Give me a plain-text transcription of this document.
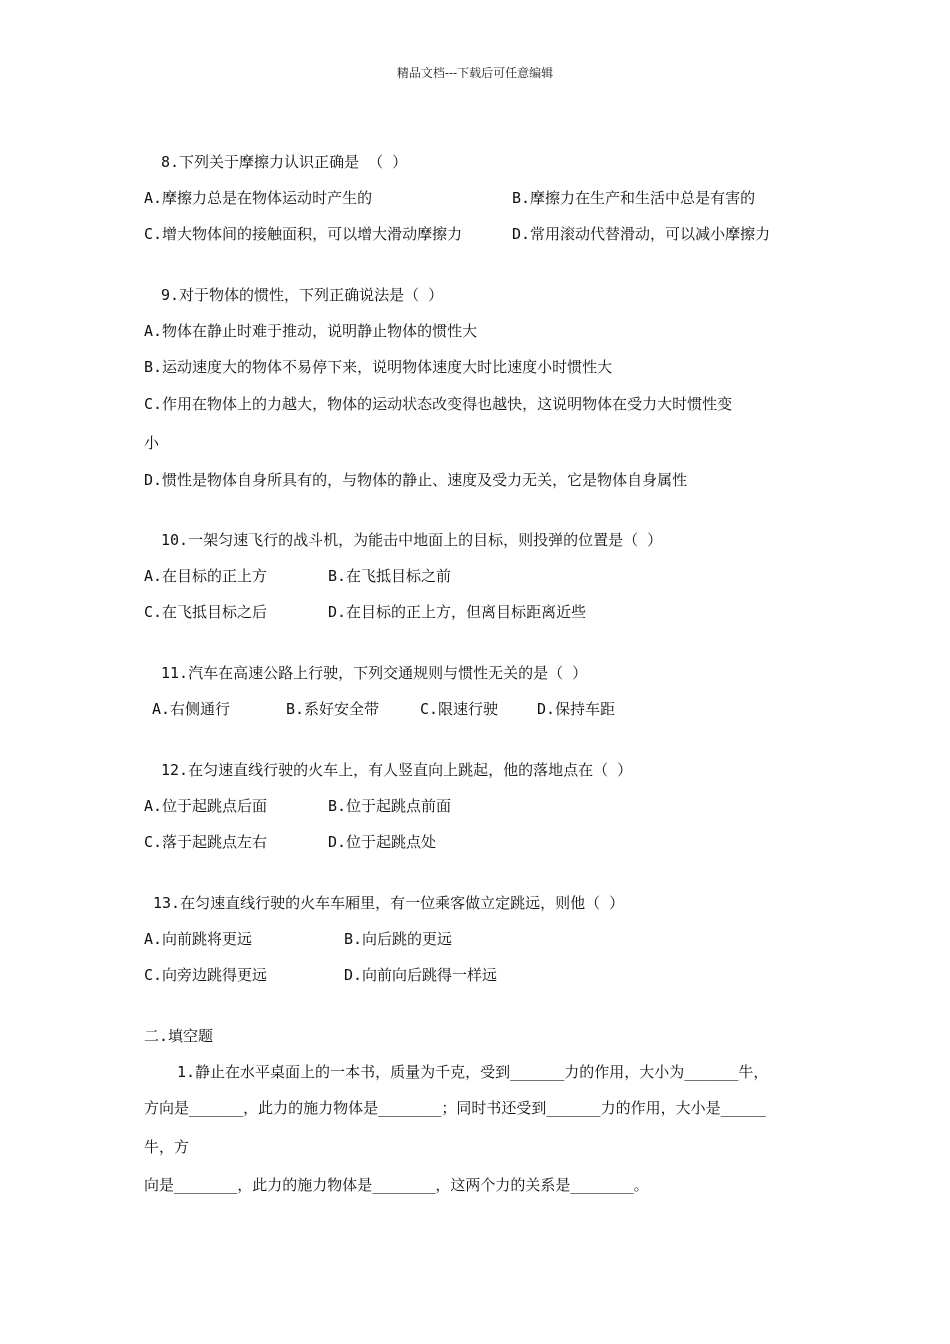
精品文档---下载后可任意编辑
8.下列关于摩擦力认识正确是 （ ）
A.摩擦力总是在物体运动时产生的	B.摩擦力在生产和生活中总是有害的
C.增大物体间的接触面积，可以增大滑动摩擦力	D.常用滚动代替滑动，可以减小摩擦力
9.对于物体的惯性，下列正确说法是（ ）
A.物体在静止时难于推动，说明静止物体的惯性大
B.运动速度大的物体不易停下来，说明物体速度大时比速度小时惯性大
C.作用在物体上的力越大，物体的运动状态改变得也越快，这说明物体在受力大时惯性变
小
D.惯性是物体自身所具有的，与物体的静止、速度及受力无关，它是物体自身属性
10.一架匀速飞行的战斗机，为能击中地面上的目标，则投弹的位置是（ ）
A.在目标的正上方	B.在飞抵目标之前
C.在飞抵目标之后	D.在目标的正上方，但离目标距离近些
11.汽车在高速公路上行驶，下列交通规则与惯性无关的是（ ）
A.右侧通行	B.系好安全带	C.限速行驶	D.保持车距
12.在匀速直线行驶的火车上，有人竖直向上跳起，他的落地点在（ ）
A.位于起跳点后面	B.位于起跳点前面
C.落于起跳点左右	D.位于起跳点处
13.在匀速直线行驶的火车车厢里，有一位乘客做立定跳远，则他（ ）
A.向前跳将更远	B.向后跳的更远
C.向旁边跳得更远	D.向前向后跳得一样远
二.填空题
1.静止在水平桌面上的一本书，质量为千克，受到______力的作用，大小为______牛，
方向是______，此力的施力物体是_______；同时书还受到______力的作用，大小是_____
牛，方
向是_______，此力的施力物体是_______，这两个力的关系是_______。
